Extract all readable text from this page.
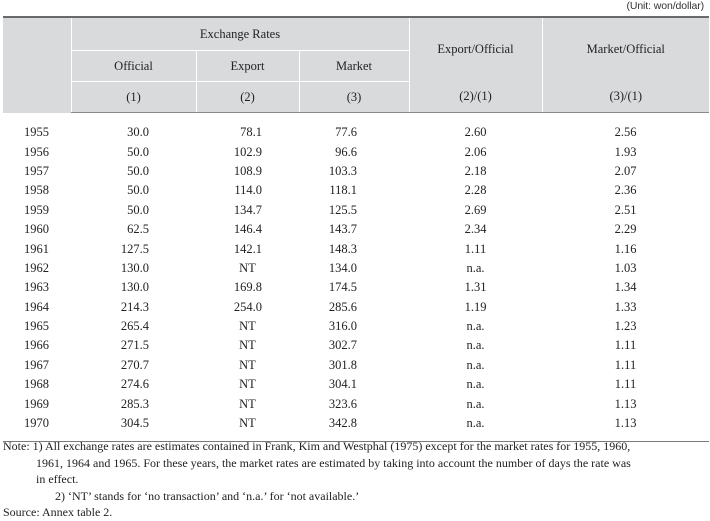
(Unit: won/dollar)
	Exchange Rates			Export/Official	Market/Official
	Official	Export	Market		
	(1)	(2)	(3)	(2)/(1)	(3)/(1)
1955	30.0	78.1	77.6	2.60	2.56
1956	50.0	102.9	96.6	2.06	1.93
1957	50.0	108.9	103.3	2.18	2.07
1958	50.0	114.0	118.1	2.28	2.36
1959	50.0	134.7	125.5	2.69	2.51
1960	62.5	146.4	143.7	2.34	2.29
1961	127.5	142.1	148.3	1.11	1.16
1962	130.0	NT	134.0	n.a.	1.03
1963	130.0	169.8	174.5	1.31	1.34
1964	214.3	254.0	285.6	1.19	1.33
1965	265.4	NT	316.0	n.a.	1.23
1966	271.5	NT	302.7	n.a.	1.11
1967	270.7	NT	301.8	n.a.	1.11
1968	274.6	NT	304.1	n.a.	1.11
1969	285.3	NT	323.6	n.a.	1.13
1970	304.5	NT	342.8	n.a.	1.13
Note: 1) All exchange rates are estimates contained in Frank, Kim and Westphal (1975) except for the market rates for 1955, 1960,
1961, 1964 and 1965. For these years, the market rates are estimated by taking into account the number of days the rate was
in effect.
2) ‘NT’ stands for ‘no transaction’ and ‘n.a.’ for ‘not available.’
Source: Annex table 2.
